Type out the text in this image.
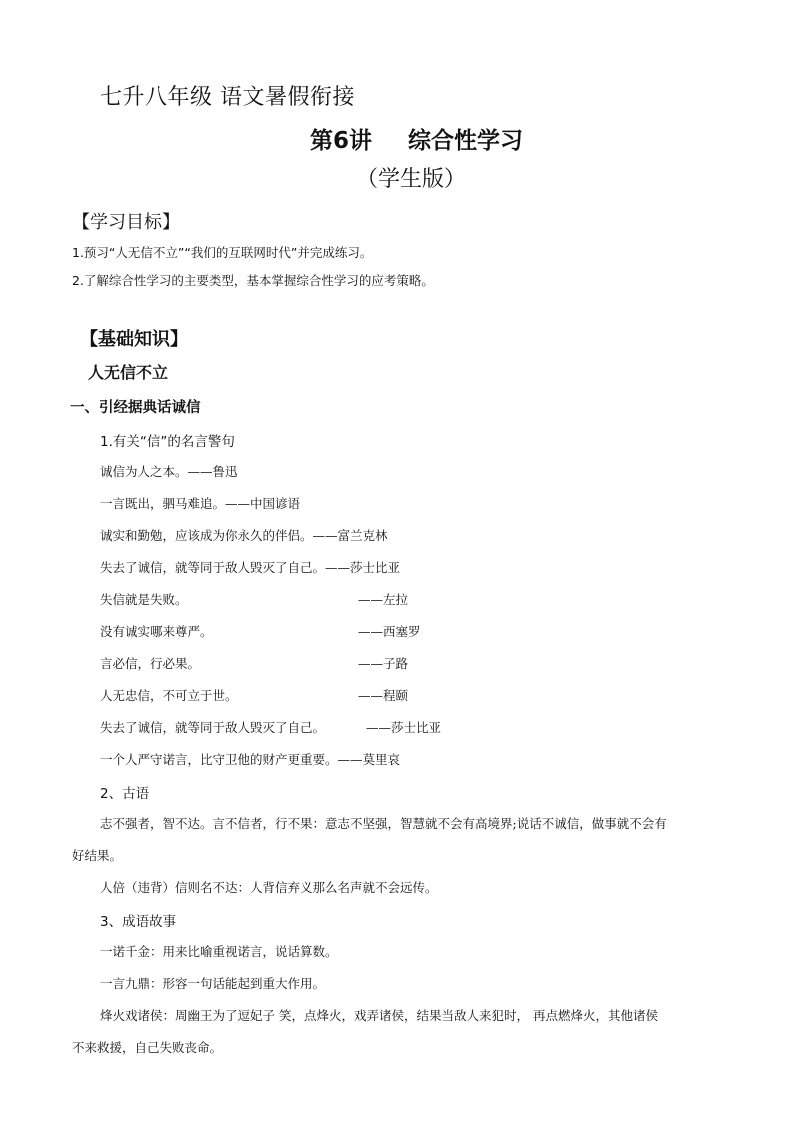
七升八年级 语文暑假衔接
第6讲 综合性学习
（学生版）
【学习目标】
1.预习“人无信不立”“我们的互联网时代”并完成练习。
2.了解综合性学习的主要类型，基本掌握综合性学习的应考策略。
【基础知识】
人无信不立
一、引经据典话诚信
1.有关“信”的名言警句
诚信为人之本。——鲁迅
一言既出，驷马难追。——中国谚语
诚实和勤勉，应该成为你永久的伴侣。——富兰克林
失去了诚信，就等同于敌人毁灭了自己。——莎士比亚
失信就是失败。	——左拉
没有诚实哪来尊严。	——西塞罗
言必信，行必果。	——子路
人无忠信，不可立于世。	——程颐
失去了诚信，就等同于敌人毁灭了自己。	——莎士比亚
一个人严守诺言，比守卫他的财产更重要。——莫里哀
2、古语
志不强者，智不达。言不信者，行不果：意志不坚强，智慧就不会有高境界;说话不诚信，做事就不会有
好结果。
人倍（违背）信则名不达：人背信弃义那么名声就不会远传。
3、成语故事
一诺千金：用来比喻重视诺言，说话算数。
一言九鼎：形容一句话能起到重大作用。
烽火戏诸侯：周幽王为了逗妃子 笑，点烽火，戏弄诸侯，结果当敌人来犯时， 再点燃烽火，其他诸侯
不来救援，自己失败丧命。
